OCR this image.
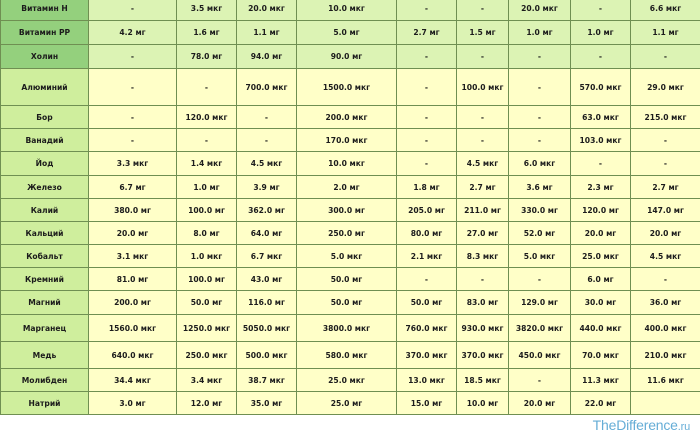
Витамин H	-	3.5 мкг	20.0 мкг	10.0 мкг	-	-	20.0 мкг	-	6.6 мкг
Витамин PP	4.2 мг	1.6 мг	1.1 мг	5.0 мг	2.7 мг	1.5 мг	1.0 мг	1.0 мг	1.1 мг
Холин	-	78.0 мг	94.0 мг	90.0 мг	-	-	-	-	-
Алюминий	-	-	700.0 мкг	1500.0 мкг	-	100.0 мкг	-	570.0 мкг	29.0 мкг
Бор	-	120.0 мкг	-	200.0 мкг	-	-	-	63.0 мкг	215.0 мкг
Ванадий	-	-	-	170.0 мкг	-	-	-	103.0 мкг	-
Йод	3.3 мкг	1.4 мкг	4.5 мкг	10.0 мкг	-	4.5 мкг	6.0 мкг	-	-
Железо	6.7 мг	1.0 мг	3.9 мг	2.0 мг	1.8 мг	2.7 мг	3.6 мг	2.3 мг	2.7 мг
Калий	380.0 мг	100.0 мг	362.0 мг	300.0 мг	205.0 мг	211.0 мг	330.0 мг	120.0 мг	147.0 мг
Кальций	20.0 мг	8.0 мг	64.0 мг	250.0 мг	80.0 мг	27.0 мг	52.0 мг	20.0 мг	20.0 мг
Кобальт	3.1 мкг	1.0 мкг	6.7 мкг	5.0 мкг	2.1 мкг	8.3 мкг	5.0 мкг	25.0 мкг	4.5 мкг
Кремний	81.0 мг	100.0 мг	43.0 мг	50.0 мг	-	-	-	6.0 мг	-
Магний	200.0 мг	50.0 мг	116.0 мг	50.0 мг	50.0 мг	83.0 мг	129.0 мг	30.0 мг	36.0 мг
Марганец	1560.0 мкг	1250.0 мкг	5050.0 мкг	3800.0 мкг	760.0 мкг	930.0 мкг	3820.0 мкг	440.0 мкг	400.0 мкг
Медь	640.0 мкг	250.0 мкг	500.0 мкг	580.0 мкг	370.0 мкг	370.0 мкг	450.0 мкг	70.0 мкг	210.0 мкг
Молибден	34.4 мкг	3.4 мкг	38.7 мкг	25.0 мкг	13.0 мкг	18.5 мкг	-	11.3 мкг	11.6 мкг
Натрий	3.0 мг	12.0 мг	35.0 мг	25.0 мг	15.0 мг	10.0 мг	20.0 мг	22.0 мг	
TheDifference.ru
